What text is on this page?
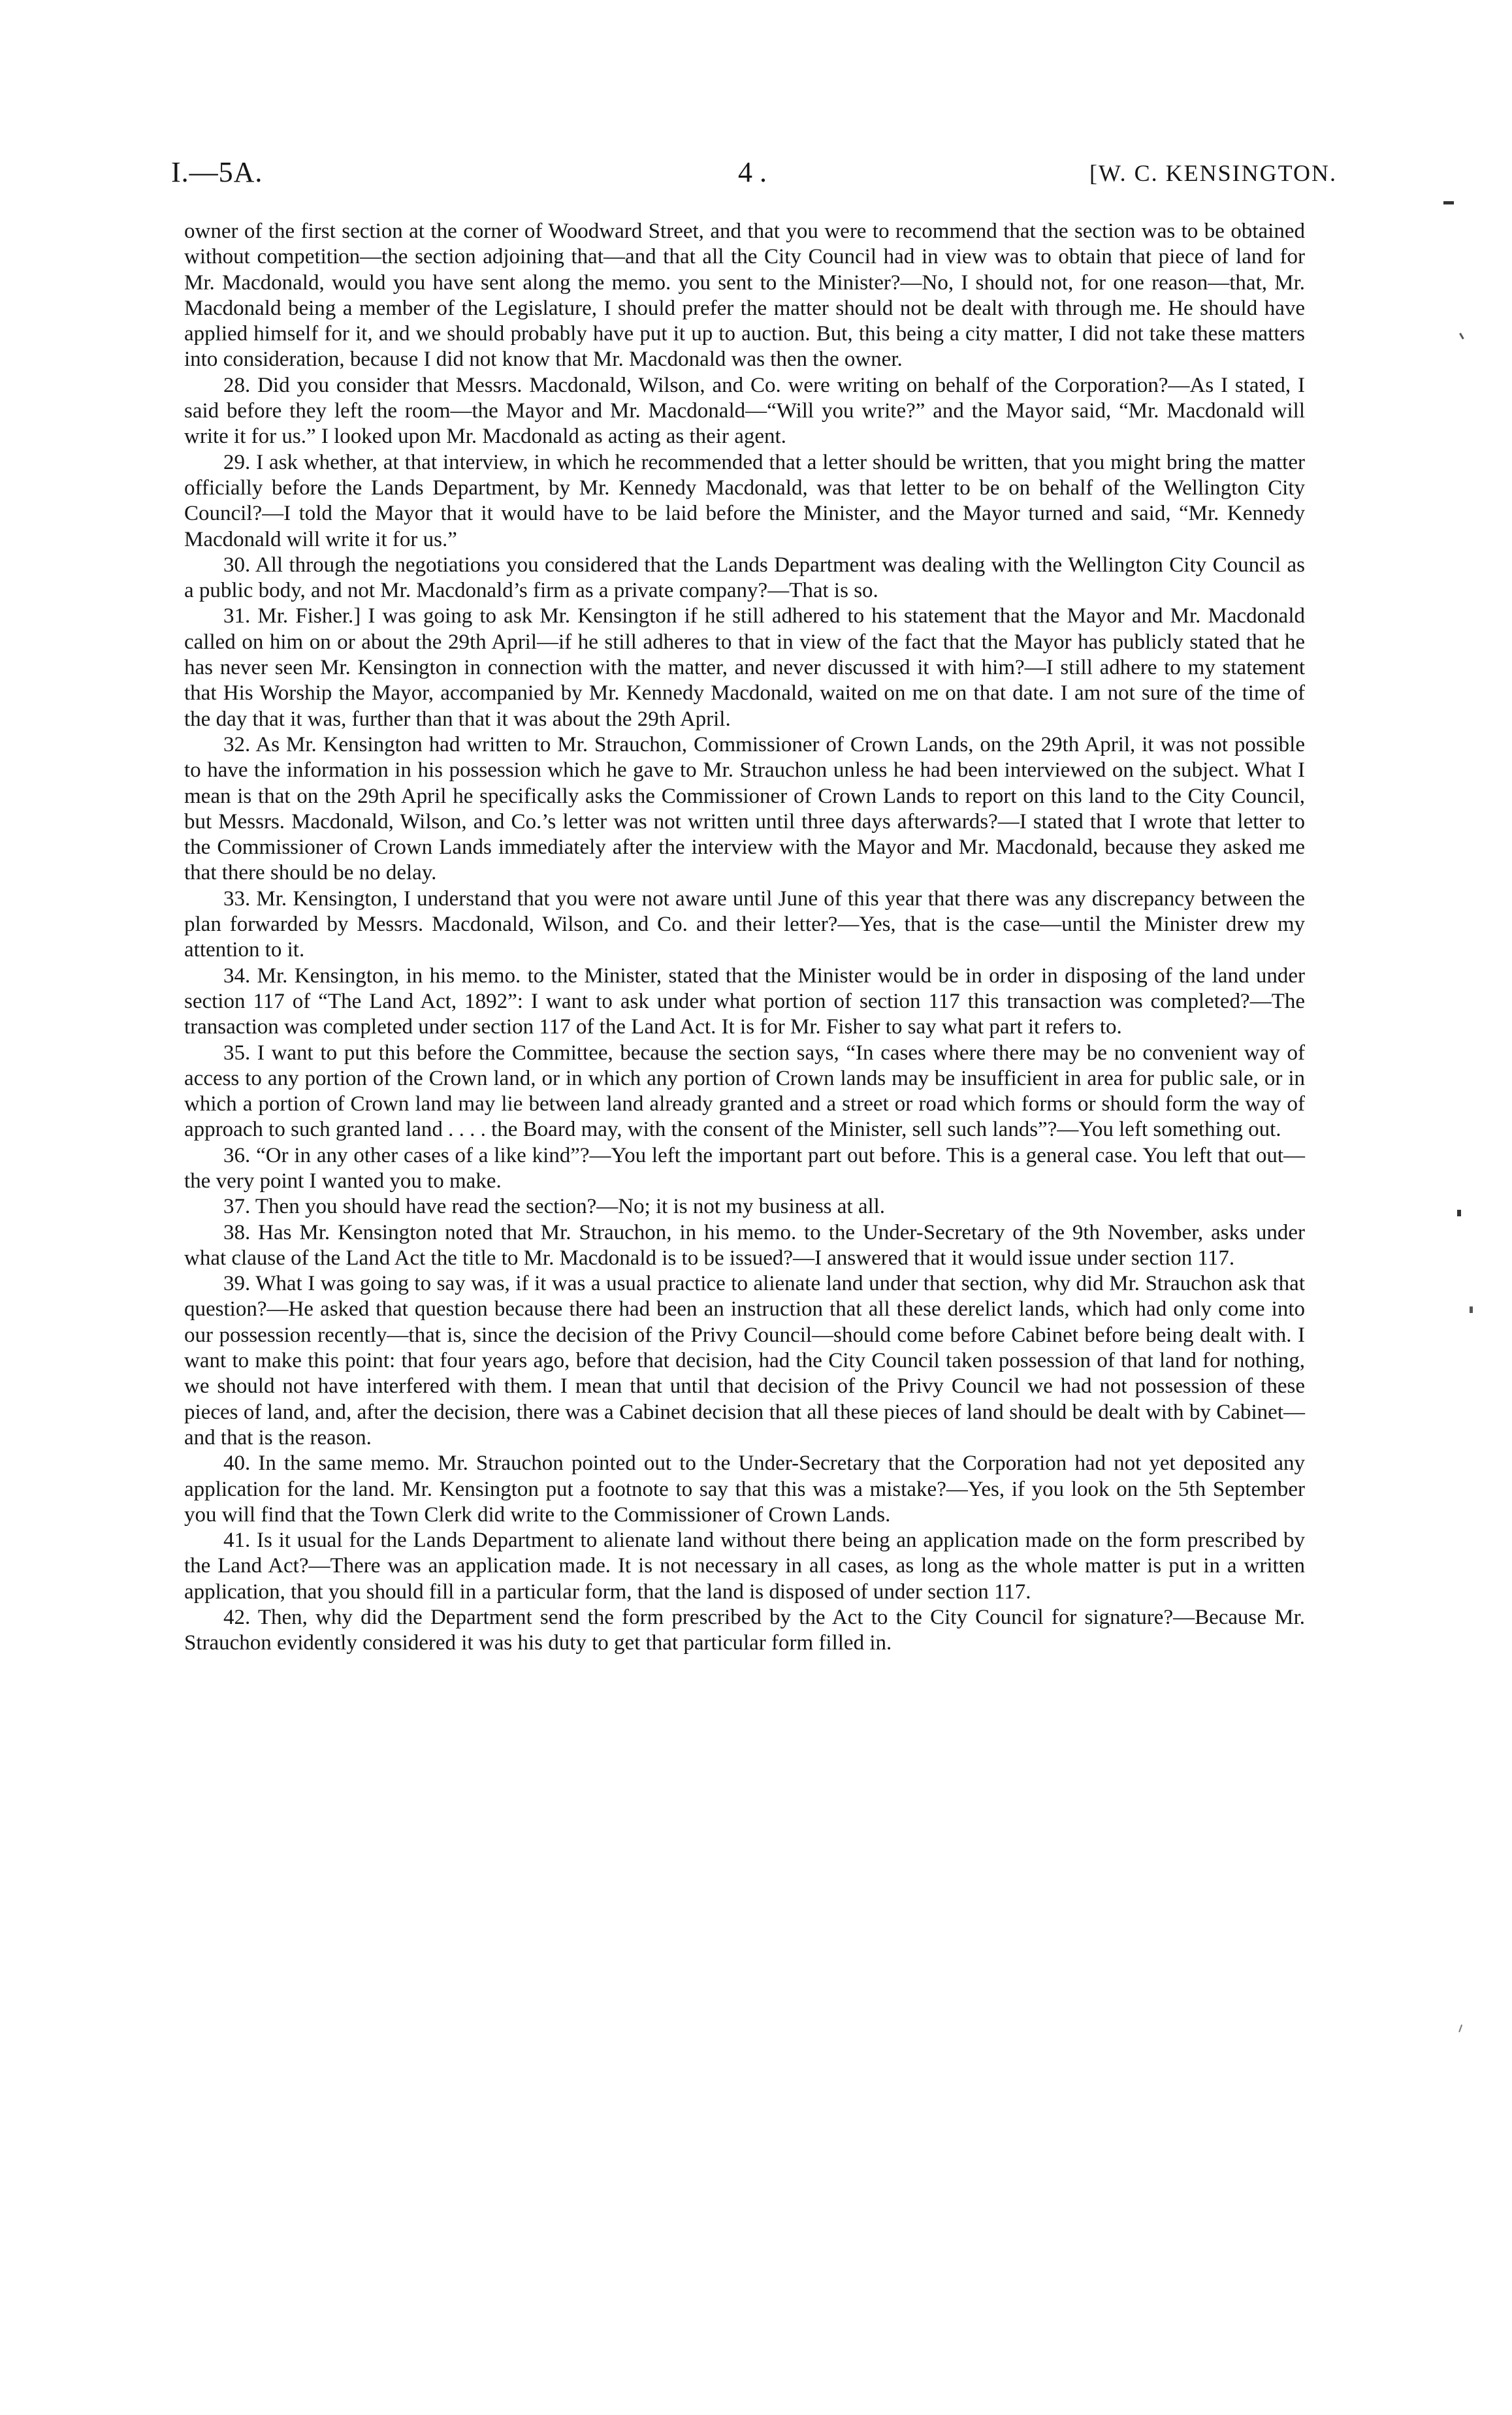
I.—5A.	4 .	[W. C. KENSINGTON.

owner of the first section at the corner of Woodward Street, and that you were to recommend that the section was to be obtained without competition—the section adjoining that—and that all the City Council had in view was to obtain that piece of land for Mr. Macdonald, would you have sent along the memo. you sent to the Minister?—No, I should not, for one reason—that, Mr. Macdonald being a member of the Legislature, I should prefer the matter should not be dealt with through me. He should have applied himself for it, and we should probably have put it up to auction. But, this being a city matter, I did not take these matters into consideration, because I did not know that Mr. Macdonald was then the owner.

28. Did you consider that Messrs. Macdonald, Wilson, and Co. were writing on behalf of the Corporation?—As I stated, I said before they left the room—the Mayor and Mr. Macdonald—“Will you write?” and the Mayor said, “Mr. Macdonald will write it for us.” I looked upon Mr. Macdonald as acting as their agent.

29. I ask whether, at that interview, in which he recommended that a letter should be written, that you might bring the matter officially before the Lands Department, by Mr. Kennedy Macdonald, was that letter to be on behalf of the Wellington City Council?—I told the Mayor that it would have to be laid before the Minister, and the Mayor turned and said, “Mr. Kennedy Macdonald will write it for us.”

30. All through the negotiations you considered that the Lands Department was dealing with the Wellington City Council as a public body, and not Mr. Macdonald’s firm as a private company?—That is so.

31. Mr. Fisher.] I was going to ask Mr. Kensington if he still adhered to his statement that the Mayor and Mr. Macdonald called on him on or about the 29th April—if he still adheres to that in view of the fact that the Mayor has publicly stated that he has never seen Mr. Kensington in connection with the matter, and never discussed it with him?—I still adhere to my statement that His Worship the Mayor, accompanied by Mr. Kennedy Macdonald, waited on me on that date. I am not sure of the time of the day that it was, further than that it was about the 29th April.

32. As Mr. Kensington had written to Mr. Strauchon, Commissioner of Crown Lands, on the 29th April, it was not possible to have the information in his possession which he gave to Mr. Strauchon unless he had been interviewed on the subject. What I mean is that on the 29th April he specifically asks the Commissioner of Crown Lands to report on this land to the City Council, but Messrs. Macdonald, Wilson, and Co.’s letter was not written until three days afterwards?—I stated that I wrote that letter to the Commissioner of Crown Lands immediately after the interview with the Mayor and Mr. Macdonald, because they asked me that there should be no delay.

33. Mr. Kensington, I understand that you were not aware until June of this year that there was any discrepancy between the plan forwarded by Messrs. Macdonald, Wilson, and Co. and their letter?—Yes, that is the case—until the Minister drew my attention to it.

34. Mr. Kensington, in his memo. to the Minister, stated that the Minister would be in order in disposing of the land under section 117 of “The Land Act, 1892”: I want to ask under what portion of section 117 this transaction was completed?—The transaction was completed under section 117 of the Land Act. It is for Mr. Fisher to say what part it refers to.

35. I want to put this before the Committee, because the section says, “In cases where there may be no convenient way of access to any portion of the Crown land, or in which any portion of Crown lands may be insufficient in area for public sale, or in which a portion of Crown land may lie between land already granted and a street or road which forms or should form the way of approach to such granted land . . . . the Board may, with the consent of the Minister, sell such lands”?—You left something out.

36. “Or in any other cases of a like kind”?—You left the important part out before. This is a general case. You left that out—the very point I wanted you to make.

37. Then you should have read the section?—No; it is not my business at all.

38. Has Mr. Kensington noted that Mr. Strauchon, in his memo. to the Under-Secretary of the 9th November, asks under what clause of the Land Act the title to Mr. Macdonald is to be issued?—I answered that it would issue under section 117.

39. What I was going to say was, if it was a usual practice to alienate land under that section, why did Mr. Strauchon ask that question?—He asked that question because there had been an instruction that all these derelict lands, which had only come into our possession recently—that is, since the decision of the Privy Council—should come before Cabinet before being dealt with. I want to make this point: that four years ago, before that decision, had the City Council taken possession of that land for nothing, we should not have interfered with them. I mean that until that decision of the Privy Council we had not possession of these pieces of land, and, after the decision, there was a Cabinet decision that all these pieces of land should be dealt with by Cabinet—and that is the reason.

40. In the same memo. Mr. Strauchon pointed out to the Under-Secretary that the Corporation had not yet deposited any application for the land. Mr. Kensington put a footnote to say that this was a mistake?—Yes, if you look on the 5th September you will find that the Town Clerk did write to the Commissioner of Crown Lands.

41. Is it usual for the Lands Department to alienate land without there being an application made on the form prescribed by the Land Act?—There was an application made. It is not necessary in all cases, as long as the whole matter is put in a written application, that you should fill in a particular form, that the land is disposed of under section 117.

42. Then, why did the Department send the form prescribed by the Act to the City Council for signature?—Because Mr. Strauchon evidently considered it was his duty to get that particular form filled in.
